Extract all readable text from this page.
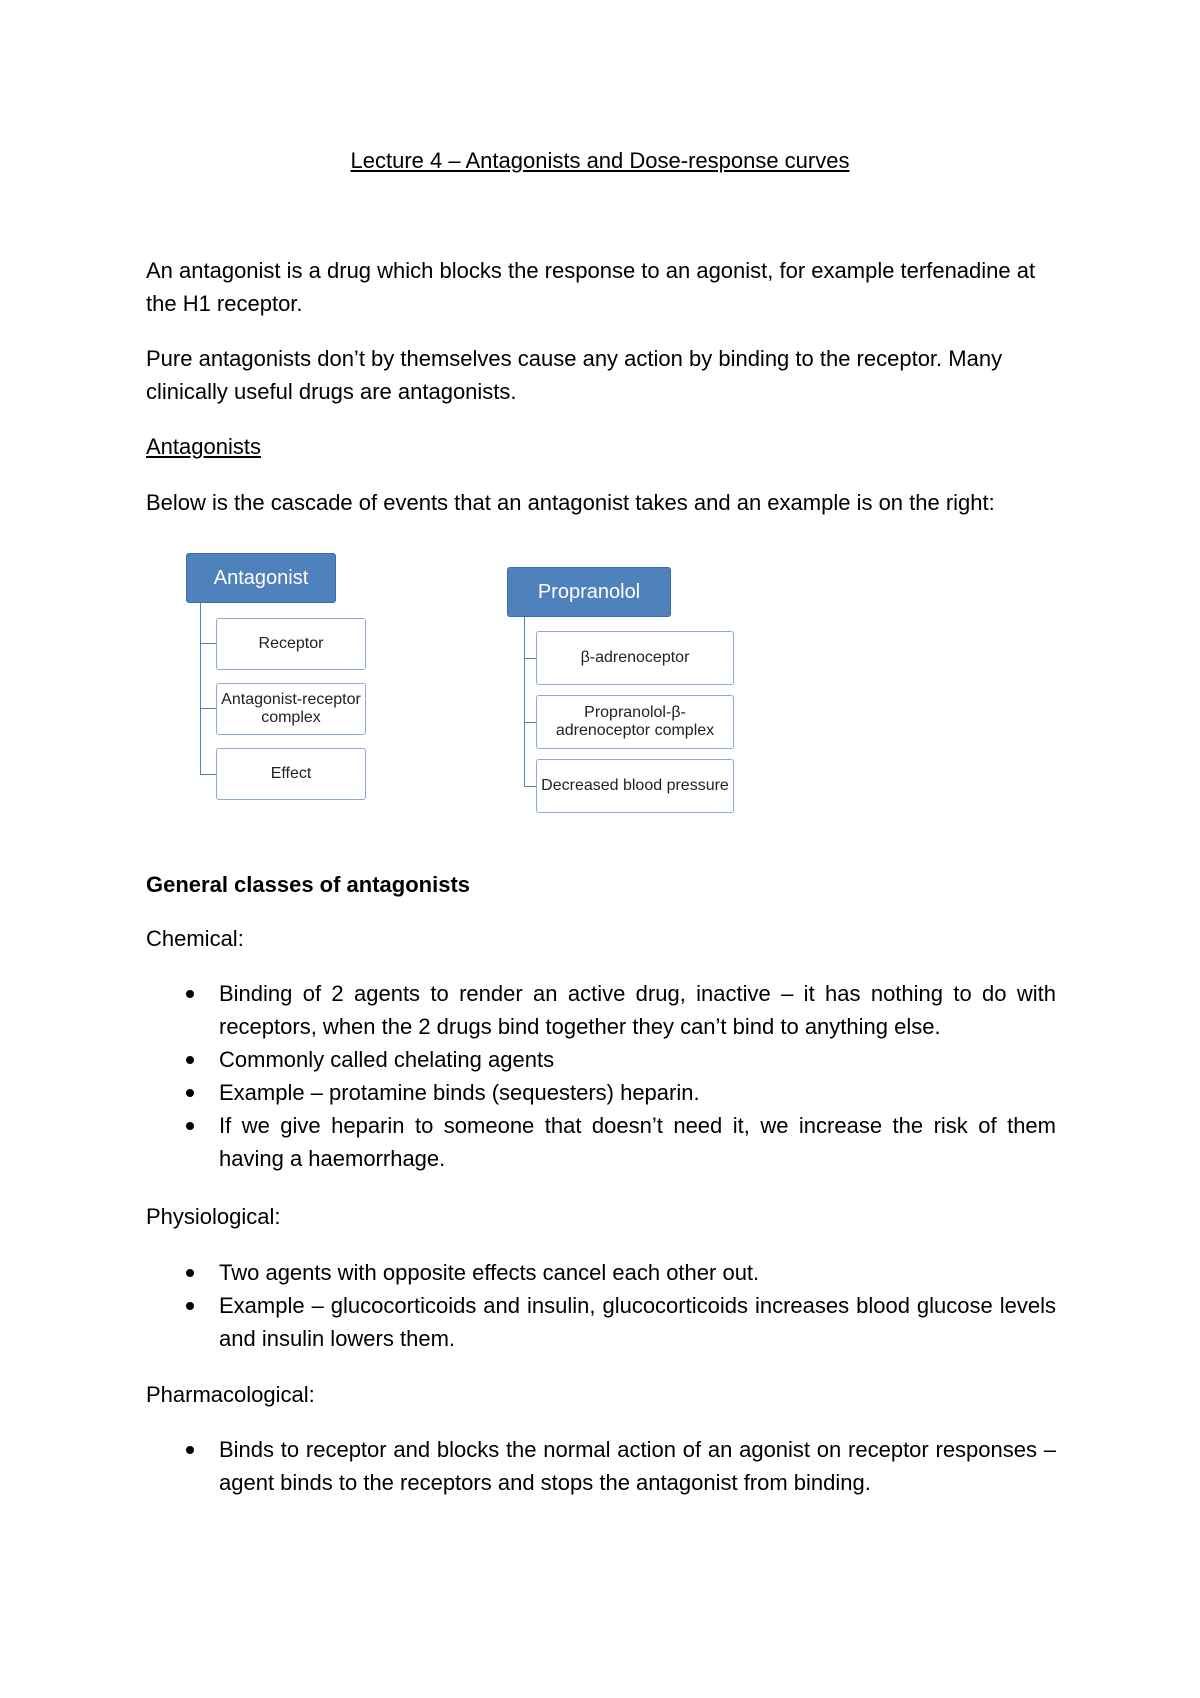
Lecture 4 – Antagonists and Dose-response curves
An antagonist is a drug which blocks the response to an agonist, for example terfenadine at the H1 receptor.
Pure antagonists don’t by themselves cause any action by binding to the receptor. Many clinically useful drugs are antagonists.
Antagonists
Below is the cascade of events that an antagonist takes and an example is on the right:
Antagonist
Receptor
Antagonist-receptor complex
Effect
Propranolol
β-adrenoceptor
Propranolol-β-adrenoceptor complex
Decreased blood pressure
General classes of antagonists
Chemical:
Binding of 2 agents to render an active drug, inactive – it has nothing to do with receptors, when the 2 drugs bind together they can’t bind to anything else.
Commonly called chelating agents
Example – protamine binds (sequesters) heparin.
If we give heparin to someone that doesn’t need it, we increase the risk of them having a haemorrhage.
Physiological:
Two agents with opposite effects cancel each other out.
Example – glucocorticoids and insulin, glucocorticoids increases blood glucose levels and insulin lowers them.
Pharmacological:
Binds to receptor and blocks the normal action of an agonist on receptor responses – agent binds to the receptors and stops the antagonist from binding.
